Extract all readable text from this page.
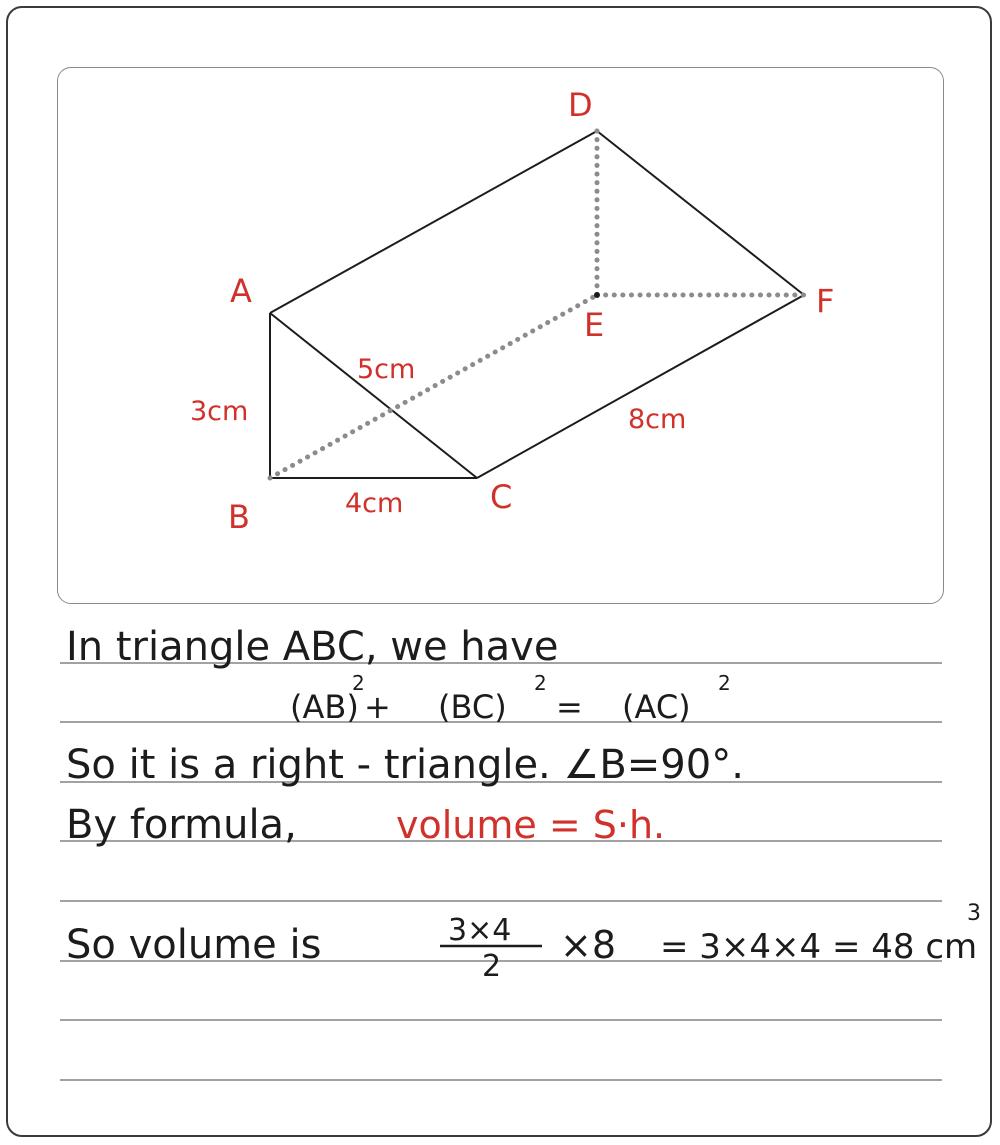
D
A
E
F
B
C
3cm
5cm
8cm
4cm
In triangle ABC, we have
(AB)
2
+ (BC)
2
= (AC)
2
So it is a right - triangle. ∠B=90°.
By formula,	volume = S·h.
So volume is	3×4
2 ×8 = 3×4×4 = 48 cm
3
